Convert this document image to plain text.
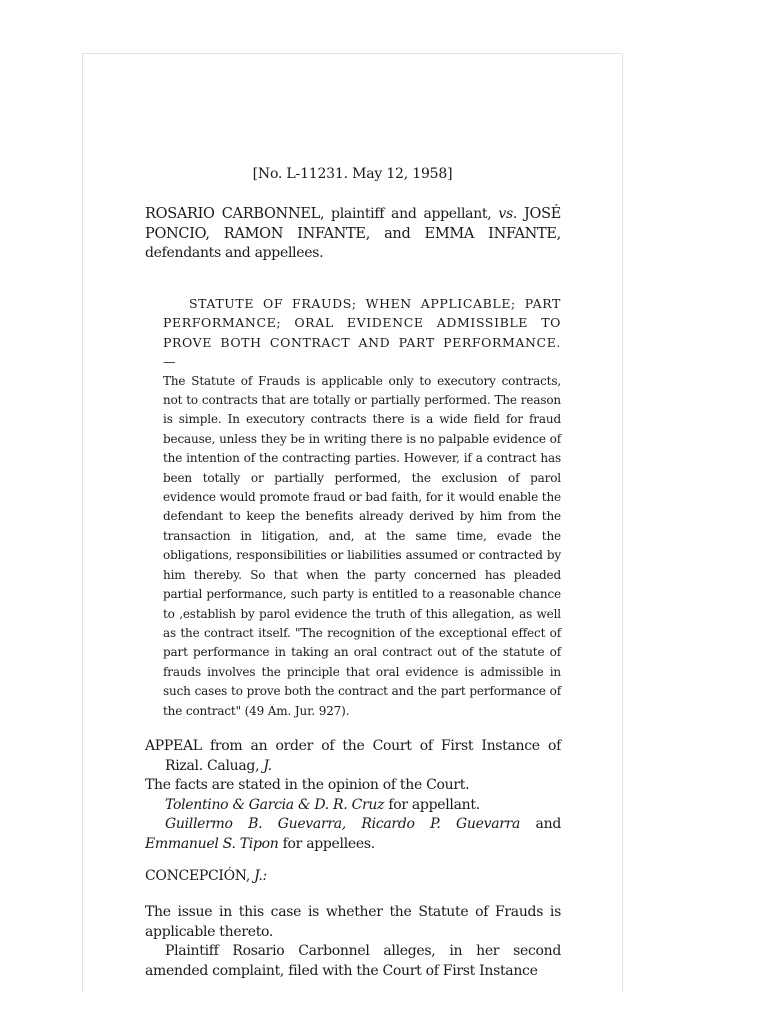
[No. L-11231. May 12, 1958]
ROSARIO CARBONNEL, plaintiff and appellant, vs. JOSÉ PONCIO, RAMON INFANTE, and EMMA INFANTE, defendants and appellees.
STATUTE OF FRAUDS; WHEN APPLICABLE; PART PERFORMANCE; ORAL EVIDENCE ADMISSIBLE TO PROVE BOTH CONTRACT AND PART PERFORMANCE.—
The Statute of Frauds is applicable only to executory contracts, not to contracts that are totally or partially performed. The reason is simple. In executory contracts there is a wide field for fraud because, unless they be in writing there is no palpable evidence of the intention of the contracting parties. However, if a contract has been totally or partially performed, the exclusion of parol evidence would promote fraud or bad faith, for it would enable the defendant to keep the benefits already derived by him from the transaction in litigation, and, at the same time, evade the obligations, responsibilities or liabilities assumed or contracted by him thereby. So that when the party concerned has pleaded partial performance, such party is entitled to a reasonable chance to ,establish by parol evidence the truth of this allegation, as well as the contract itself. "The recognition of the exceptional effect of part performance in taking an oral contract out of the statute of frauds involves the principle that oral evidence is admissible in such cases to prove both the contract and the part performance of the contract" (49 Am. Jur. 927).

APPEAL from an order of the Court of First Instance of Rizal. Caluag, J.

The facts are stated in the opinion of the Court.

Tolentino & Garcia & D. R. Cruz for appellant.

Guillermo B. Guevarra, Ricardo P. Guevarra and Emmanuel S. Tipon for appellees.

CONCEPCIÓN, J.:

The issue in this case is whether the Statute of Frauds is applicable thereto.

Plaintiff Rosario Carbonnel alleges, in her second amended complaint, filed with the Court of First Instance
